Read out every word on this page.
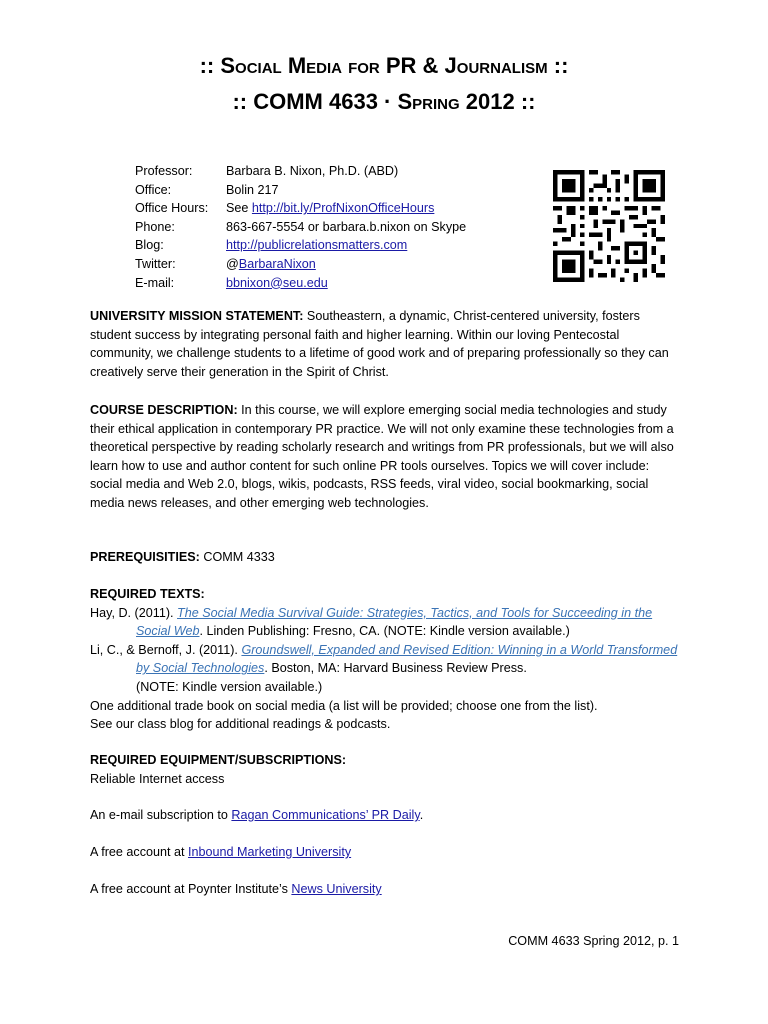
:: Social Media for PR & Journalism ::
:: COMM 4633 · Spring 2012 ::
Professor:	Barbara B. Nixon, Ph.D. (ABD)
Office:	Bolin 217
Office Hours: See http://bit.ly/ProfNixonOfficeHours
Phone:	863-667-5554 or barbara.b.nixon on Skype
Blog:	http://publicrelationsmatters.com
Twitter:	@BarbaraNixon
E-mail:	bbnixon@seu.edu

UNIVERSITY MISSION STATEMENT: Southeastern, a dynamic, Christ-centered university, fosters student success by integrating personal faith and higher learning. Within our loving Pentecostal community, we challenge students to a lifetime of good work and of preparing professionally so they can creatively serve their generation in the Spirit of Christ.

COURSE DESCRIPTION: In this course, we will explore emerging social media technologies and study their ethical application in contemporary PR practice. We will not only examine these technologies from a theoretical perspective by reading scholarly research and writings from PR professionals, but we will also learn how to use and author content for such online PR tools ourselves. Topics we will cover include: social media and Web 2.0, blogs, wikis, podcasts, RSS feeds, viral video, social bookmarking, social media news releases, and other emerging web technologies.

PREREQUISITIES: COMM 4333

REQUIRED TEXTS:

Hay, D. (2011). The Social Media Survival Guide: Strategies, Tactics, and Tools for Succeeding in the Social Web. Linden Publishing: Fresno, CA. (NOTE: Kindle version available.)

Li, C., & Bernoff, J. (2011). Groundswell, Expanded and Revised Edition: Winning in a World Transformed by Social Technologies. Boston, MA: Harvard Business Review Press.
(NOTE: Kindle version available.)

One additional trade book on social media (a list will be provided; choose one from the list).

See our class blog for additional readings & podcasts.

REQUIRED EQUIPMENT/SUBSCRIPTIONS:

Reliable Internet access

An e-mail subscription to Ragan Communications’ PR Daily.

A free account at Inbound Marketing University

A free account at Poynter Institute’s News University

COMM 4633 Spring 2012, p. 1
